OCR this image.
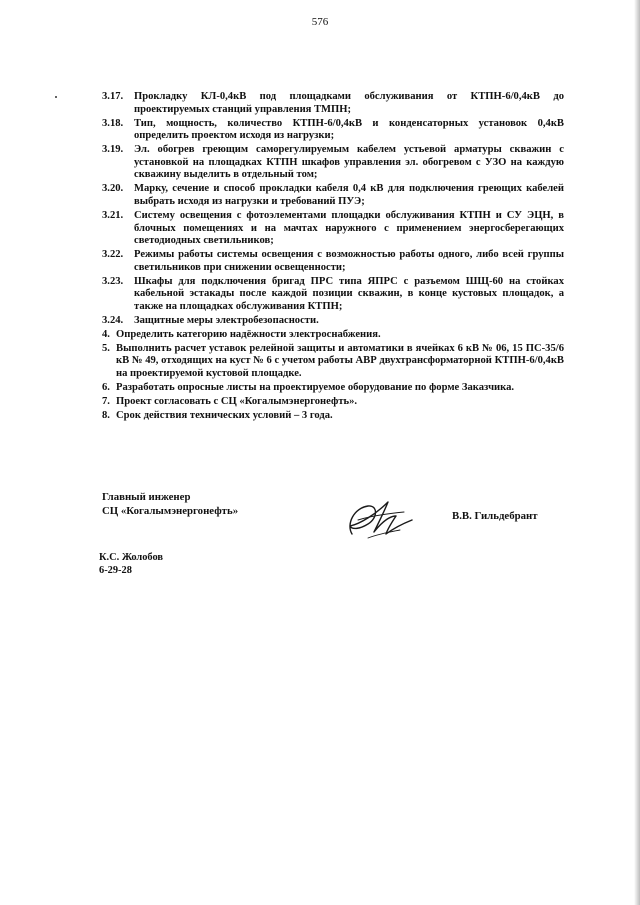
576
3.17.	Прокладку КЛ-0,4кВ под площадками обслуживания от КТПН-6/0,4кВ до проектируемых станций управления ТМПН;
3.18.	Тип, мощность, количество КТПН-6/0,4кВ и конденсаторных установок 0,4кВ определить проектом исходя из нагрузки;
3.19.	Эл. обогрев греющим саморегулируемым кабелем устьевой арматуры скважин с установкой на площадках КТПН шкафов управления эл. обогревом с УЗО на каждую скважину выделить в отдельный том;
3.20.	Марку, сечение и способ прокладки кабеля 0,4 кВ для подключения греющих кабелей выбрать исходя из нагрузки и требований ПУЭ;
3.21.	Систему освещения с фотоэлементами площадки обслуживания КТПН и СУ ЭЦН, в блочных помещениях и на мачтах наружного с применением энергосберегающих светодиодных светильников;
3.22.	Режимы работы системы освещения с возможностью работы одного, либо всей группы светильников при снижении освещенности;
3.23.	Шкафы для подключения бригад ПРС типа ЯПРС с разъемом ШЩ-60 на стойках кабельной эстакады после каждой позиции скважин, в конце кустовых площадок, а также на площадках обслуживания КТПН;
3.24.	Защитные меры электробезопасности.
4. Определить категорию надёжности электроснабжения.
5. Выполнить расчет уставок релейной защиты и автоматики в ячейках 6 кВ № 06, 15 ПС-35/6 кВ № 49, отходящих на куст № 6 с учетом работы АВР двухтрансформаторной КТПН-6/0,4кВ на проектируемой кустовой площадке.
6. Разработать опросные листы на проектируемое оборудование по форме Заказчика.
7. Проект согласовать с СЦ «Когалымэнергонефть».
8. Срок действия технических условий – 3 года.
Главный инженер
СЦ «Когалымэнергонефть»	В.В. Гильдебрант
К.С. Жолобов
6-29-28
